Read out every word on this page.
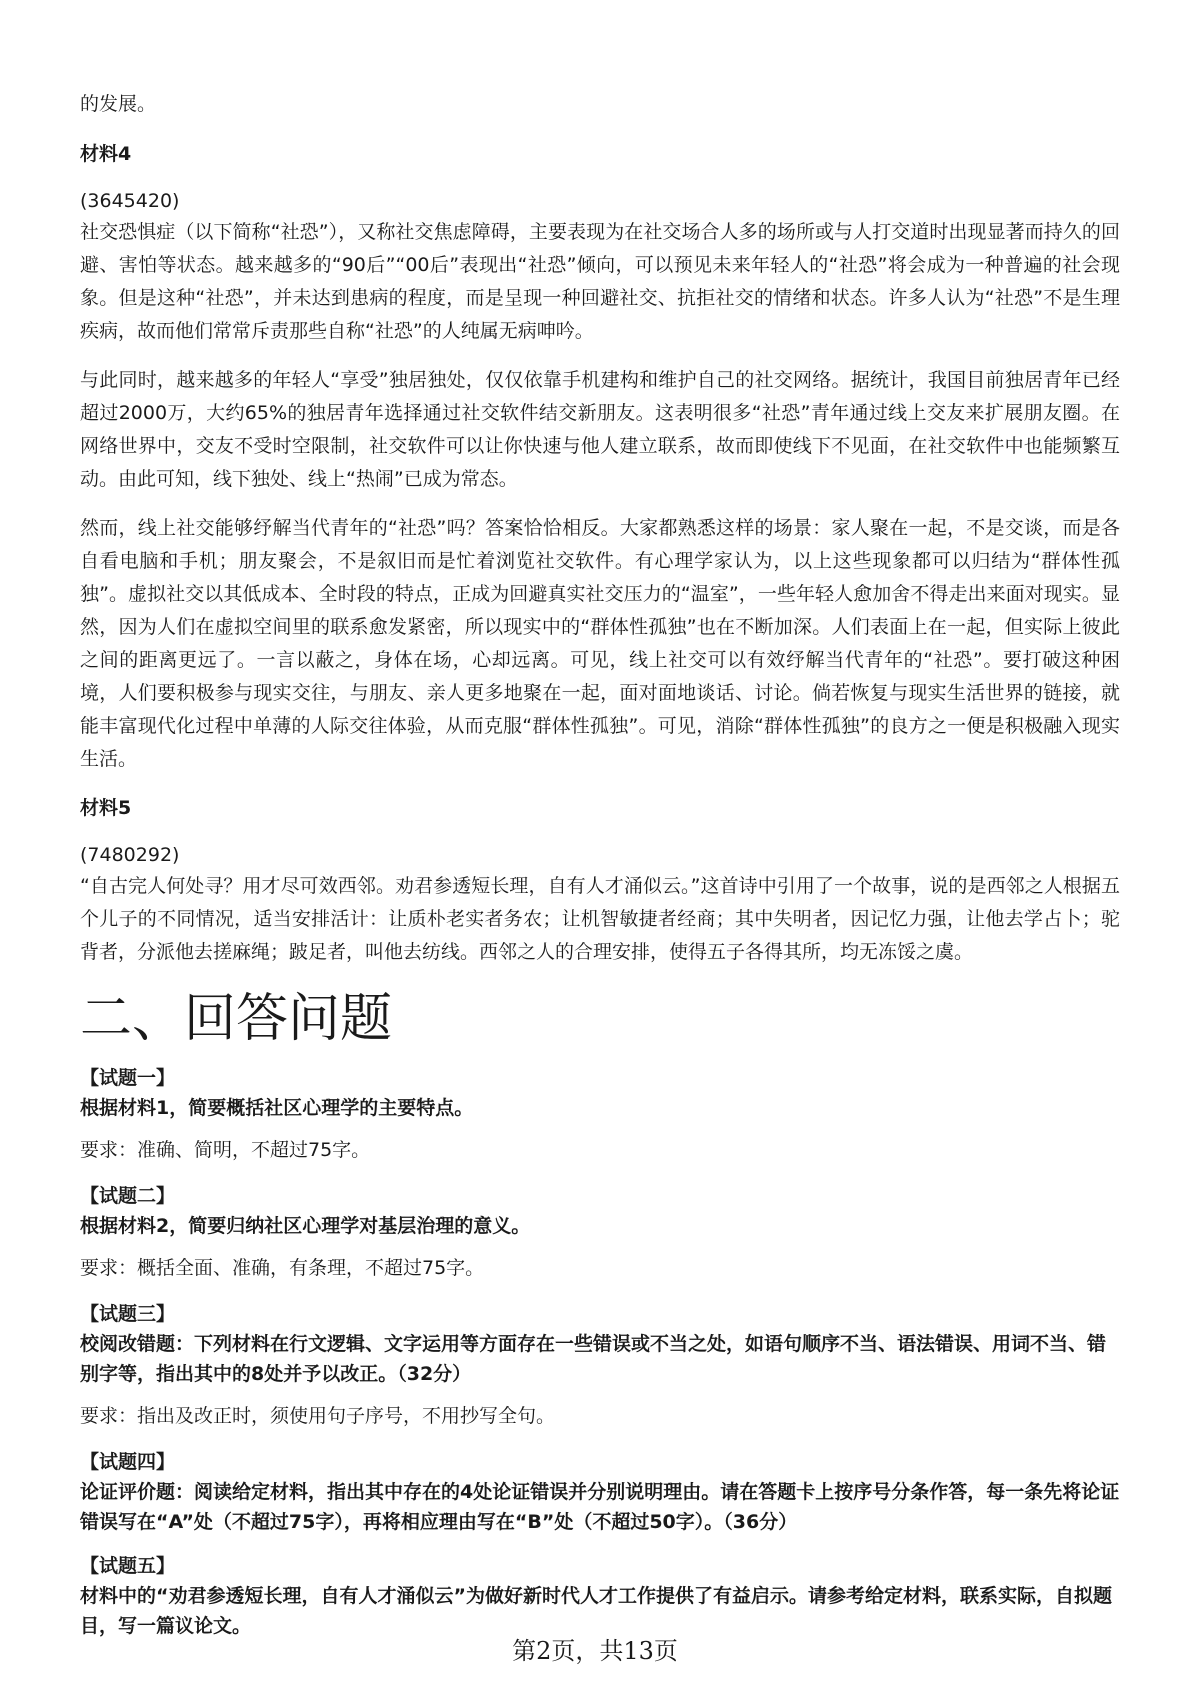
的发展。

材料4

(3645420)

社交恐惧症（以下简称“社恐”），又称社交焦虑障碍，主要表现为在社交场合人多的场所或与人打交道时出现显著而持久的回避、害怕等状态。越来越多的“90后”“00后”表现出“社恐”倾向，可以预见未来年轻人的“社恐”将会成为一种普遍的社会现象。但是这种“社恐”，并未达到患病的程度，而是呈现一种回避社交、抗拒社交的情绪和状态。许多人认为“社恐”不是生理疾病，故而他们常常斥责那些自称“社恐”的人纯属无病呻吟。

与此同时，越来越多的年轻人“享受”独居独处，仅仅依靠手机建构和维护自己的社交网络。据统计，我国目前独居青年已经超过2000万，大约65%的独居青年选择通过社交软件结交新朋友。这表明很多“社恐”青年通过线上交友来扩展朋友圈。在网络世界中，交友不受时空限制，社交软件可以让你快速与他人建立联系，故而即使线下不见面，在社交软件中也能频繁互动。由此可知，线下独处、线上“热闹”已成为常态。

然而，线上社交能够纾解当代青年的“社恐”吗？答案恰恰相反。大家都熟悉这样的场景：家人聚在一起，不是交谈，而是各自看电脑和手机；朋友聚会，不是叙旧而是忙着浏览社交软件。有心理学家认为，以上这些现象都可以归结为“群体性孤独”。虚拟社交以其低成本、全时段的特点，正成为回避真实社交压力的“温室”，一些年轻人愈加舍不得走出来面对现实。显然，因为人们在虚拟空间里的联系愈发紧密，所以现实中的“群体性孤独”也在不断加深。人们表面上在一起，但实际上彼此之间的距离更远了。一言以蔽之，身体在场，心却远离。可见，线上社交可以有效纾解当代青年的“社恐”。要打破这种困境，人们要积极参与现实交往，与朋友、亲人更多地聚在一起，面对面地谈话、讨论。倘若恢复与现实生活世界的链接，就能丰富现代化过程中单薄的人际交往体验，从而克服“群体性孤独”。可见，消除“群体性孤独”的良方之一便是积极融入现实生活。

材料5

(7480292)

“自古完人何处寻？用才尽可效西邻。劝君参透短长理，自有人才涌似云。”这首诗中引用了一个故事，说的是西邻之人根据五个儿子的不同情况，适当安排活计：让质朴老实者务农；让机智敏捷者经商；其中失明者，因记忆力强，让他去学占卜；驼背者，分派他去搓麻绳；跛足者，叫他去纺线。西邻之人的合理安排，使得五子各得其所，均无冻馁之虞。

二、回答问题

【试题一】

根据材料1，简要概括社区心理学的主要特点。

要求：准确、简明，不超过75字。

【试题二】

根据材料2，简要归纳社区心理学对基层治理的意义。

要求：概括全面、准确，有条理，不超过75字。

【试题三】

校阅改错题：下列材料在行文逻辑、文字运用等方面存在一些错误或不当之处，如语句顺序不当、语法错误、用词不当、错别字等，指出其中的8处并予以改正。（32分）

要求：指出及改正时，须使用句子序号，不用抄写全句。

【试题四】

论证评价题：阅读给定材料，指出其中存在的4处论证错误并分别说明理由。请在答题卡上按序号分条作答，每一条先将论证错误写在“A”处（不超过75字），再将相应理由写在“B”处（不超过50字）。（36分）

【试题五】

材料中的“劝君参透短长理，自有人才涌似云”为做好新时代人才工作提供了有益启示。请参考给定材料，联系实际，自拟题目，写一篇议论文。

第2页，共13页
